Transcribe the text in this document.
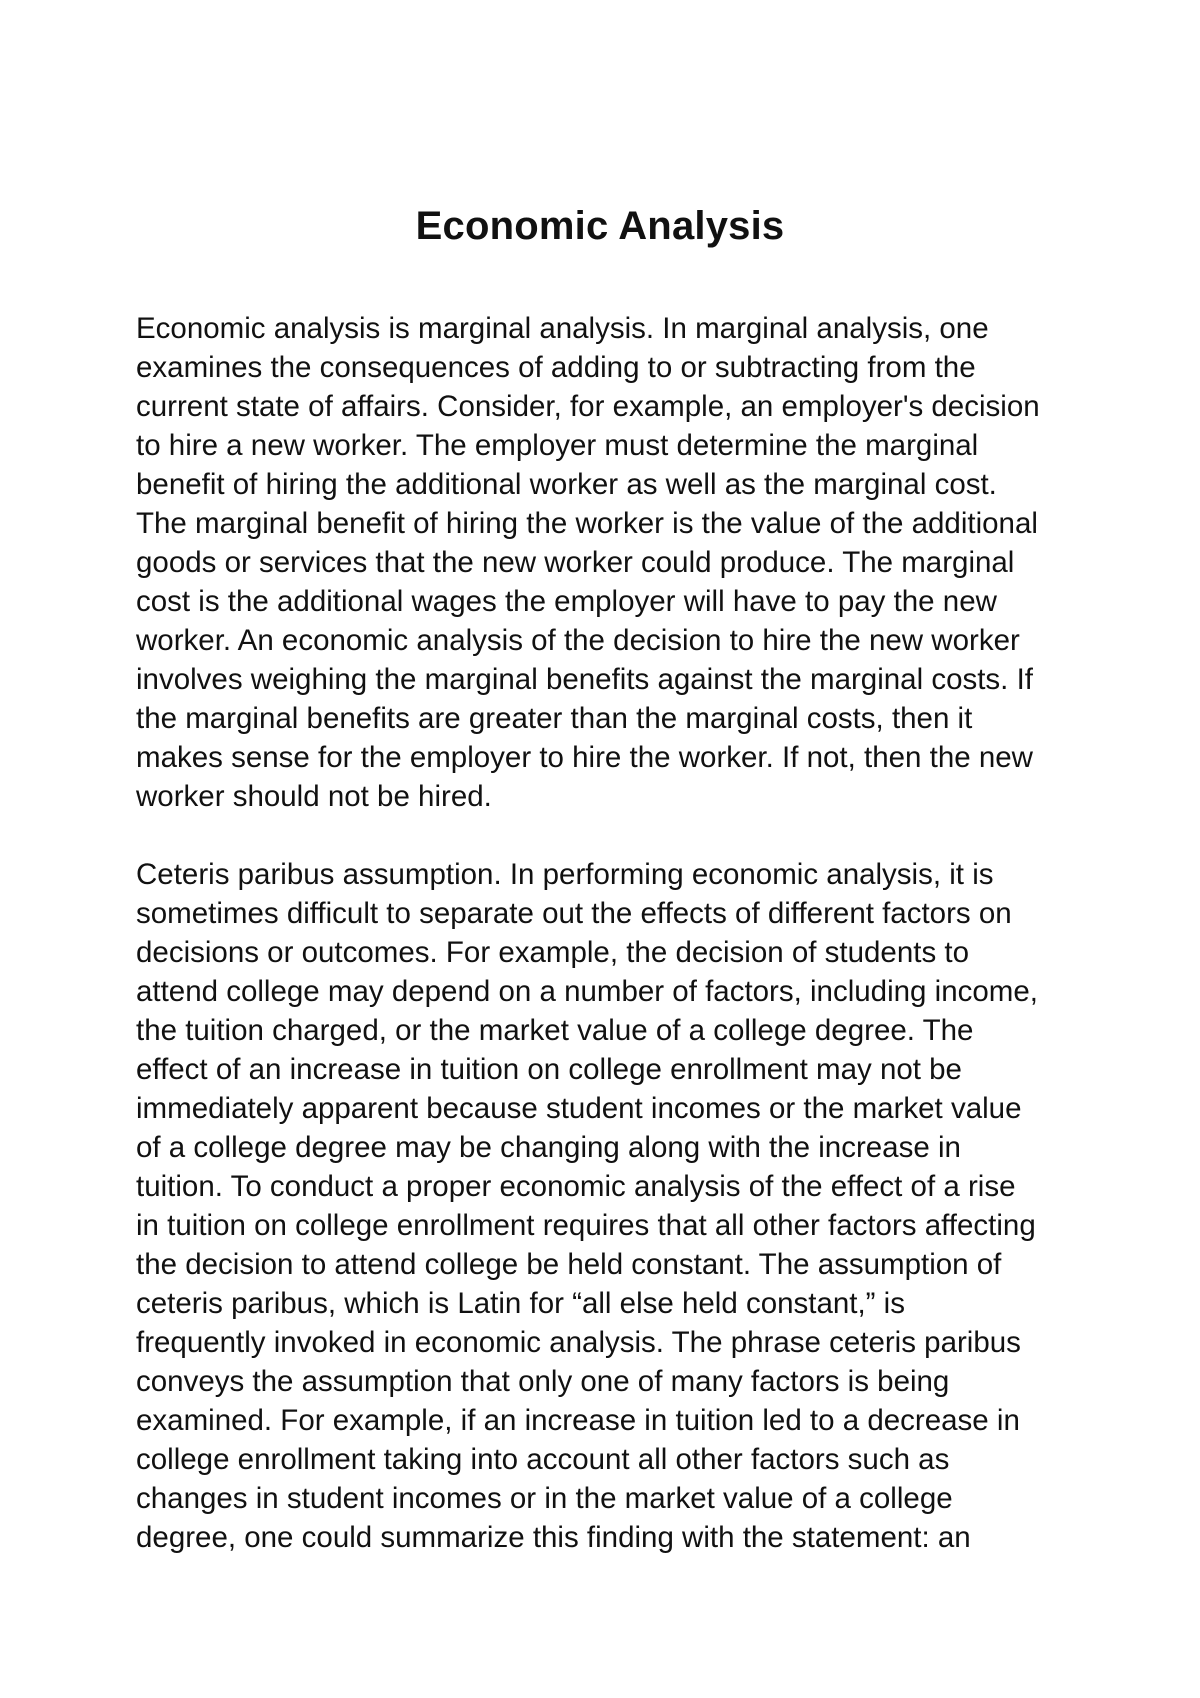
Economic Analysis

Economic analysis is marginal analysis. In marginal analysis, one
examines the consequences of adding to or subtracting from the
current state of affairs. Consider, for example, an employer's decision
to hire a new worker. The employer must determine the marginal
benefit of hiring the additional worker as well as the marginal cost.
The marginal benefit of hiring the worker is the value of the additional
goods or services that the new worker could produce. The marginal
cost is the additional wages the employer will have to pay the new
worker. An economic analysis of the decision to hire the new worker
involves weighing the marginal benefits against the marginal costs. If
the marginal benefits are greater than the marginal costs, then it
makes sense for the employer to hire the worker. If not, then the new
worker should not be hired.

Ceteris paribus assumption. In performing economic analysis, it is
sometimes difficult to separate out the effects of different factors on
decisions or outcomes. For example, the decision of students to
attend college may depend on a number of factors, including income,
the tuition charged, or the market value of a college degree. The
effect of an increase in tuition on college enrollment may not be
immediately apparent because student incomes or the market value
of a college degree may be changing along with the increase in
tuition. To conduct a proper economic analysis of the effect of a rise
in tuition on college enrollment requires that all other factors affecting
the decision to attend college be held constant. The assumption of
ceteris paribus, which is Latin for “all else held constant,” is
frequently invoked in economic analysis. The phrase ceteris paribus
conveys the assumption that only one of many factors is being
examined. For example, if an increase in tuition led to a decrease in
college enrollment taking into account all other factors such as
changes in student incomes or in the market value of a college
degree, one could summarize this finding with the statement: an
